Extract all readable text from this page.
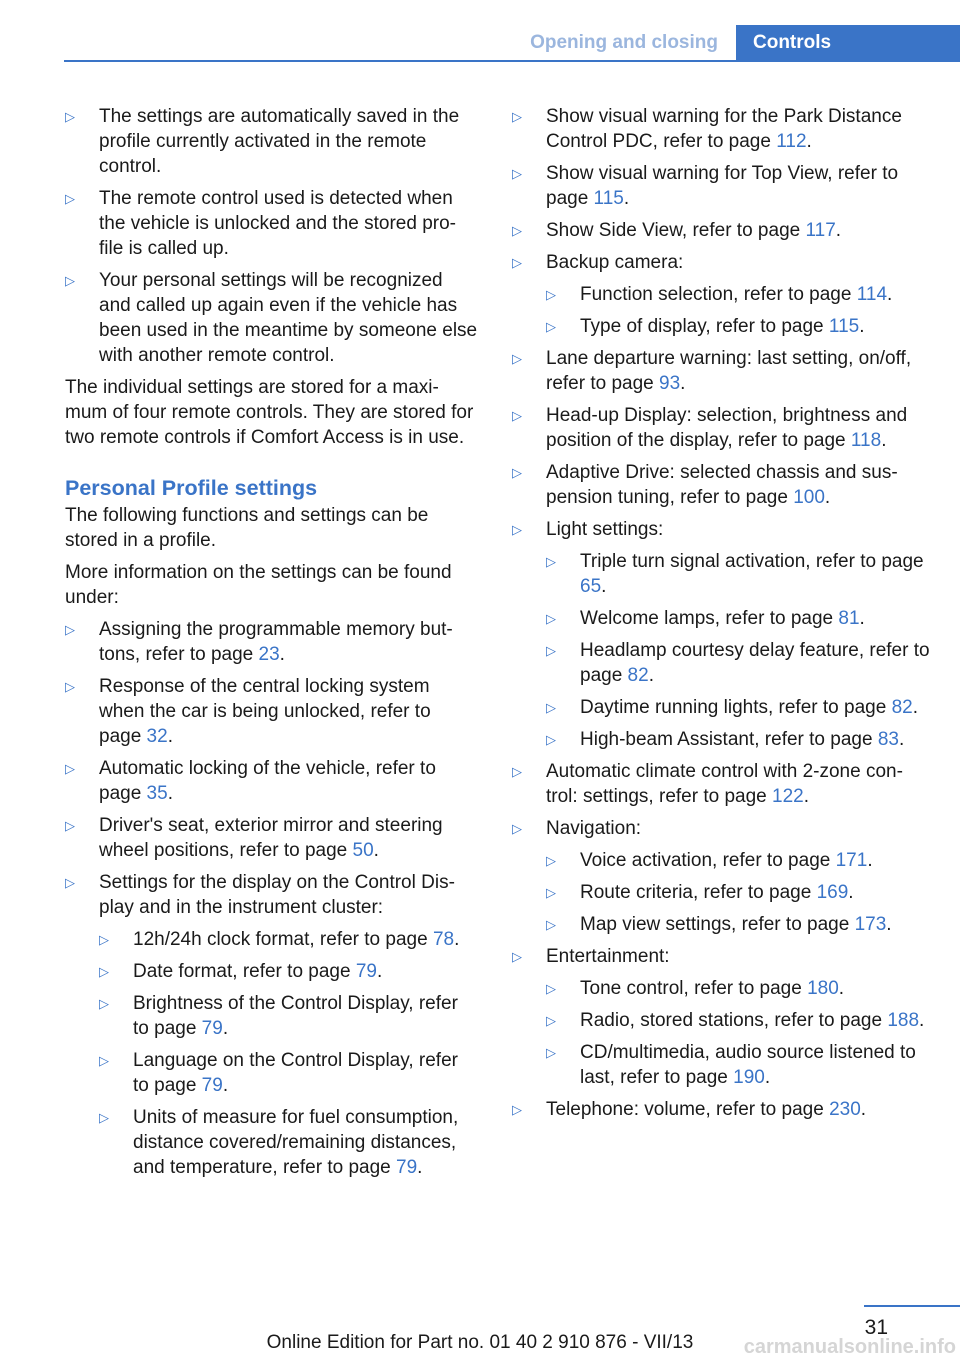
Opening and closing	Controls
▷	The settings are automatically saved in the profile currently activated in the remote control.
▷	The remote control used is detected when the vehicle is unlocked and the stored pro‐file is called up.
▷	Your personal settings will be recognized and called up again even if the vehicle has been used in the meantime by someone else with another remote control.

The individual settings are stored for a maxi‐mum of four remote controls. They are stored for two remote controls if Comfort Access is in use.

Personal Profile settings

The following functions and settings can be stored in a profile.

More information on the settings can be found under:

▷	Assigning the programmable memory but‐tons, refer to page 23.
▷	Response of the central locking system when the car is being unlocked, refer to page 32.
▷	Automatic locking of the vehicle, refer to page 35.
▷	Driver's seat, exterior mirror and steering wheel positions, refer to page 50.
▷	Settings for the display on the Control Dis‐play and in the instrument cluster:
▷ 12h/24h clock format, refer to page 78.
▷ Date format, refer to page 79.
▷ Brightness of the Control Display, refer to page 79.
▷ Language on the Control Display, refer to page 79.
▷ Units of measure for fuel consumption, distance covered/remaining distances, and temperature, refer to page 79.
▷	Show visual warning for the Park Distance Control PDC, refer to page 112.
▷	Show visual warning for Top View, refer to page 115.
▷	Show Side View, refer to page 117.
▷	Backup camera:
▷ Function selection, refer to page 114.
▷ Type of display, refer to page 115.
▷	Lane departure warning: last setting, on/off, refer to page 93.
▷	Head-up Display: selection, brightness and position of the display, refer to page 118.
▷	Adaptive Drive: selected chassis and sus‐pension tuning, refer to page 100.
▷	Light settings:
▷ Triple turn signal activation, refer to page 65.
▷ Welcome lamps, refer to page 81.
▷ Headlamp courtesy delay feature, refer to page 82.
▷ Daytime running lights, refer to page 82.
▷ High-beam Assistant, refer to page 83.
▷	Automatic climate control with 2-zone con‐trol: settings, refer to page 122.
▷	Navigation:
▷ Voice activation, refer to page 171.
▷ Route criteria, refer to page 169.
▷ Map view settings, refer to page 173.
▷	Entertainment:
▷ Tone control, refer to page 180.
▷ Radio, stored stations, refer to page 188.
▷ CD/multimedia, audio source listened to last, refer to page 190.
▷	Telephone: volume, refer to page 230.
31
Online Edition for Part no. 01 40 2 910 876 - VII/13	carmanualsonline.info
